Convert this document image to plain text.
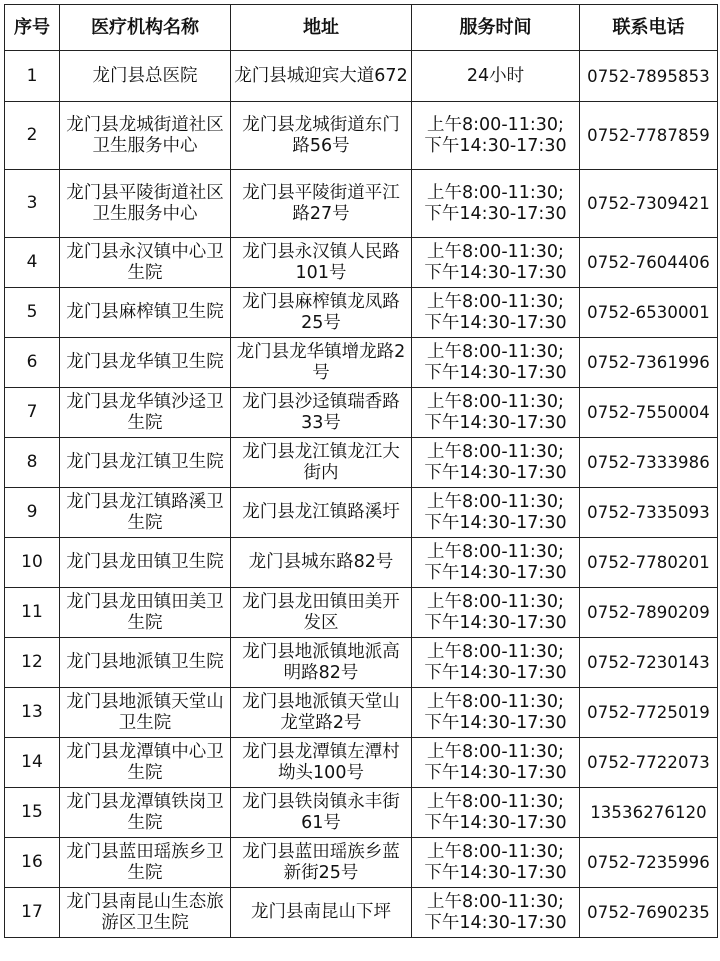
序号	医疗机构名称	地址	服务时间	联系电话
1	龙门县总医院	龙门县城迎宾大道672	24小时	0752-7895853
2	龙门县龙城街道社区卫生服务中心	龙门县龙城街道东门路56号	上午8:00-11:30;
下午14:30-17:30	0752-7787859
3	龙门县平陵街道社区卫生服务中心	龙门县平陵街道平江路27号	上午8:00-11:30;
下午14:30-17:30	0752-7309421
4	龙门县永汉镇中心卫生院	龙门县永汉镇人民路101号	上午8:00-11:30;
下午14:30-17:30	0752-7604406
5	龙门县麻榨镇卫生院	龙门县麻榨镇龙凤路25号	上午8:00-11:30;
下午14:30-17:30	0752-6530001
6	龙门县龙华镇卫生院	龙门县龙华镇增龙路2号	上午8:00-11:30;
下午14:30-17:30	0752-7361996
7	龙门县龙华镇沙迳卫生院	龙门县沙迳镇瑞香路33号	上午8:00-11:30;
下午14:30-17:30	0752-7550004
8	龙门县龙江镇卫生院	龙门县龙江镇龙江大街内	上午8:00-11:30;
下午14:30-17:30	0752-7333986
9	龙门县龙江镇路溪卫生院	龙门县龙江镇路溪圩	上午8:00-11:30;
下午14:30-17:30	0752-7335093
10	龙门县龙田镇卫生院	龙门县城东路82号	上午8:00-11:30;
下午14:30-17:30	0752-7780201
11	龙门县龙田镇田美卫生院	龙门县龙田镇田美开发区	上午8:00-11:30;
下午14:30-17:30	0752-7890209
12	龙门县地派镇卫生院	龙门县地派镇地派高明路82号	上午8:00-11:30;
下午14:30-17:30	0752-7230143
13	龙门县地派镇天堂山卫生院	龙门县地派镇天堂山龙堂路2号	上午8:00-11:30;
下午14:30-17:30	0752-7725019
14	龙门县龙潭镇中心卫生院	龙门县龙潭镇左潭村坳头100号	上午8:00-11:30;
下午14:30-17:30	0752-7722073
15	龙门县龙潭镇铁岗卫生院	龙门县铁岗镇永丰街61号	上午8:00-11:30;
下午14:30-17:30	13536276120
16	龙门县蓝田瑶族乡卫生院	龙门县蓝田瑶族乡蓝新街25号	上午8:00-11:30;
下午14:30-17:30	0752-7235996
17	龙门县南昆山生态旅游区卫生院	龙门县南昆山下坪	上午8:00-11:30;
下午14:30-17:30	0752-7690235
